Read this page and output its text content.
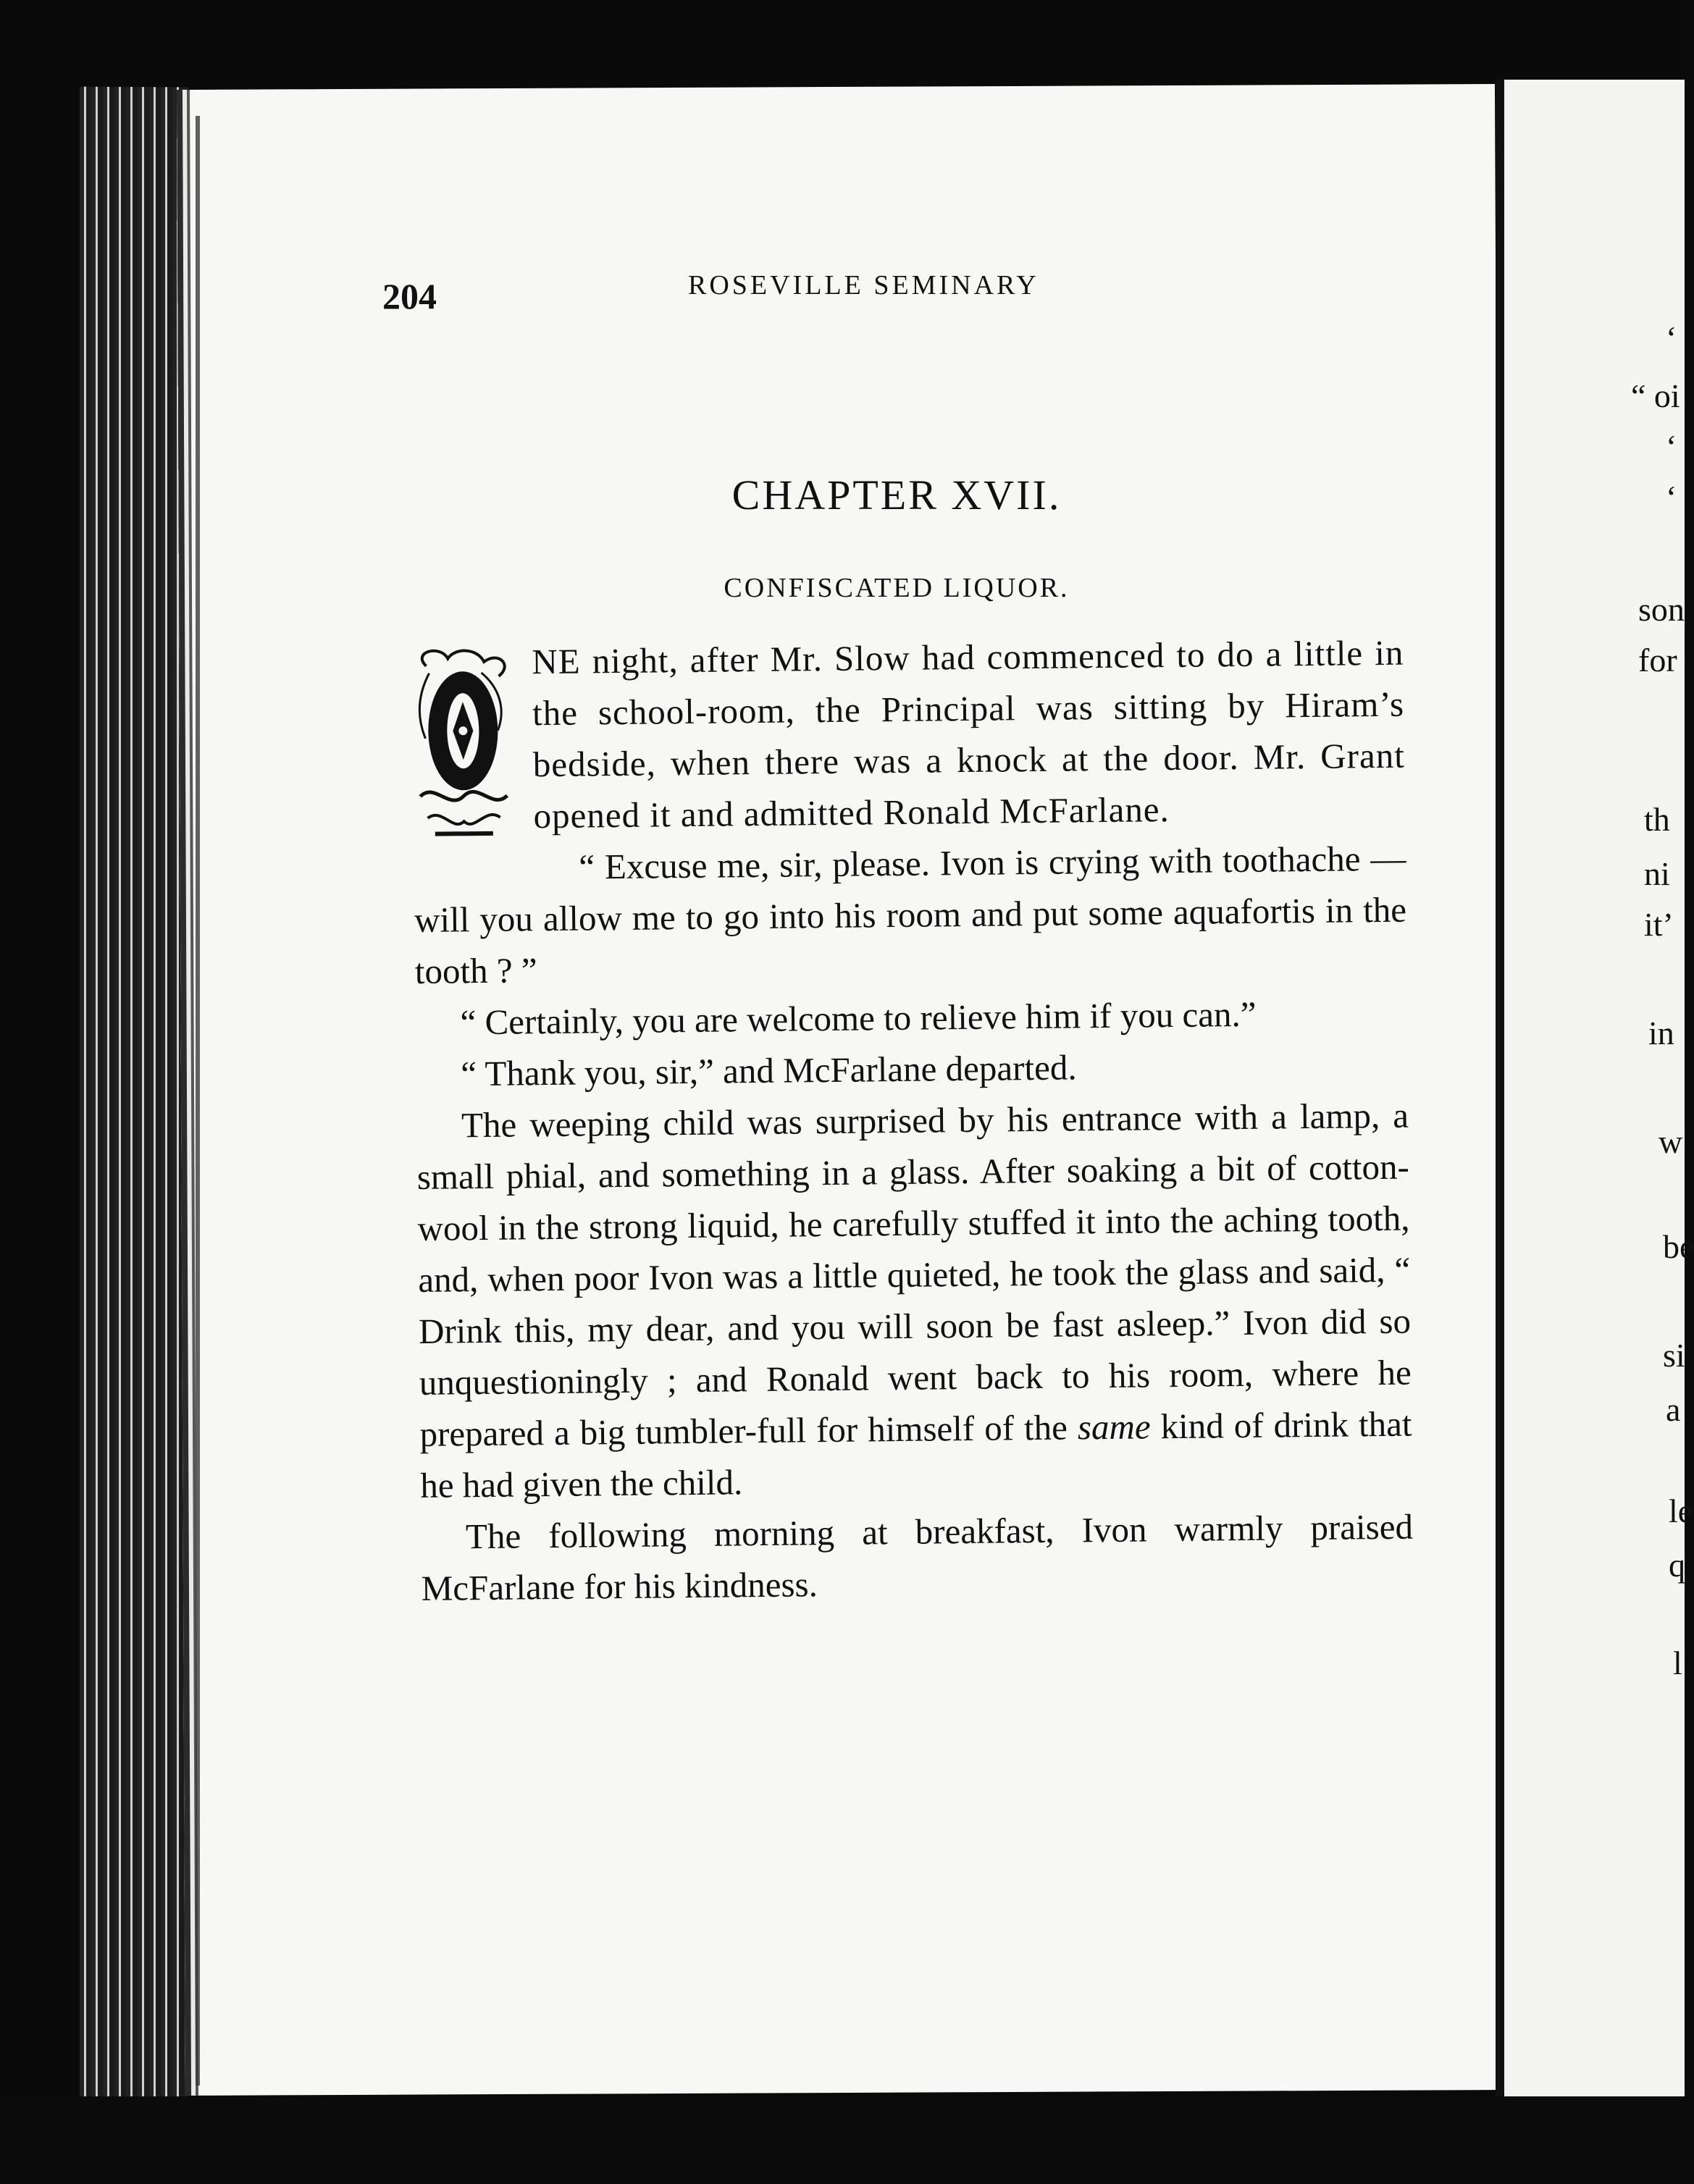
204	ROSEVILLE SEMINARY
CHAPTER XVII.
CONFISCATED LIQUOR.

NE night, after Mr. Slow had commenced to do a little in the school-room, the Principal was sitting by Hiram’s bedside, when there was a knock at the door. Mr. Grant opened it and admitted Ronald McFarlane.

“ Excuse me, sir, please. Ivon is crying with toothache —will you allow me to go into his room and put some aquafortis in the tooth ? ”

“ Certainly, you are welcome to relieve him if you can.”

“ Thank you, sir,” and McFarlane departed.

The weeping child was surprised by his entrance with a lamp, a small phial, and something in a glass. After soaking a bit of cotton-wool in the strong liquid, he carefully stuffed it into the aching tooth, and, when poor Ivon was a little quieted, he took the glass and said, “ Drink this, my dear, and you will soon be fast asleep.” Ivon did so unquestioningly ; and Ronald went back to his room, where he prepared a big tumbler-full for himself of the same kind of drink that he had given the child.

The following morning at breakfast, Ivon warmly praised McFarlane for his kindness.

‘
“ oi
‘
‘
son
for
th
ni
it’
in
w
be
si
a
le
q
l
